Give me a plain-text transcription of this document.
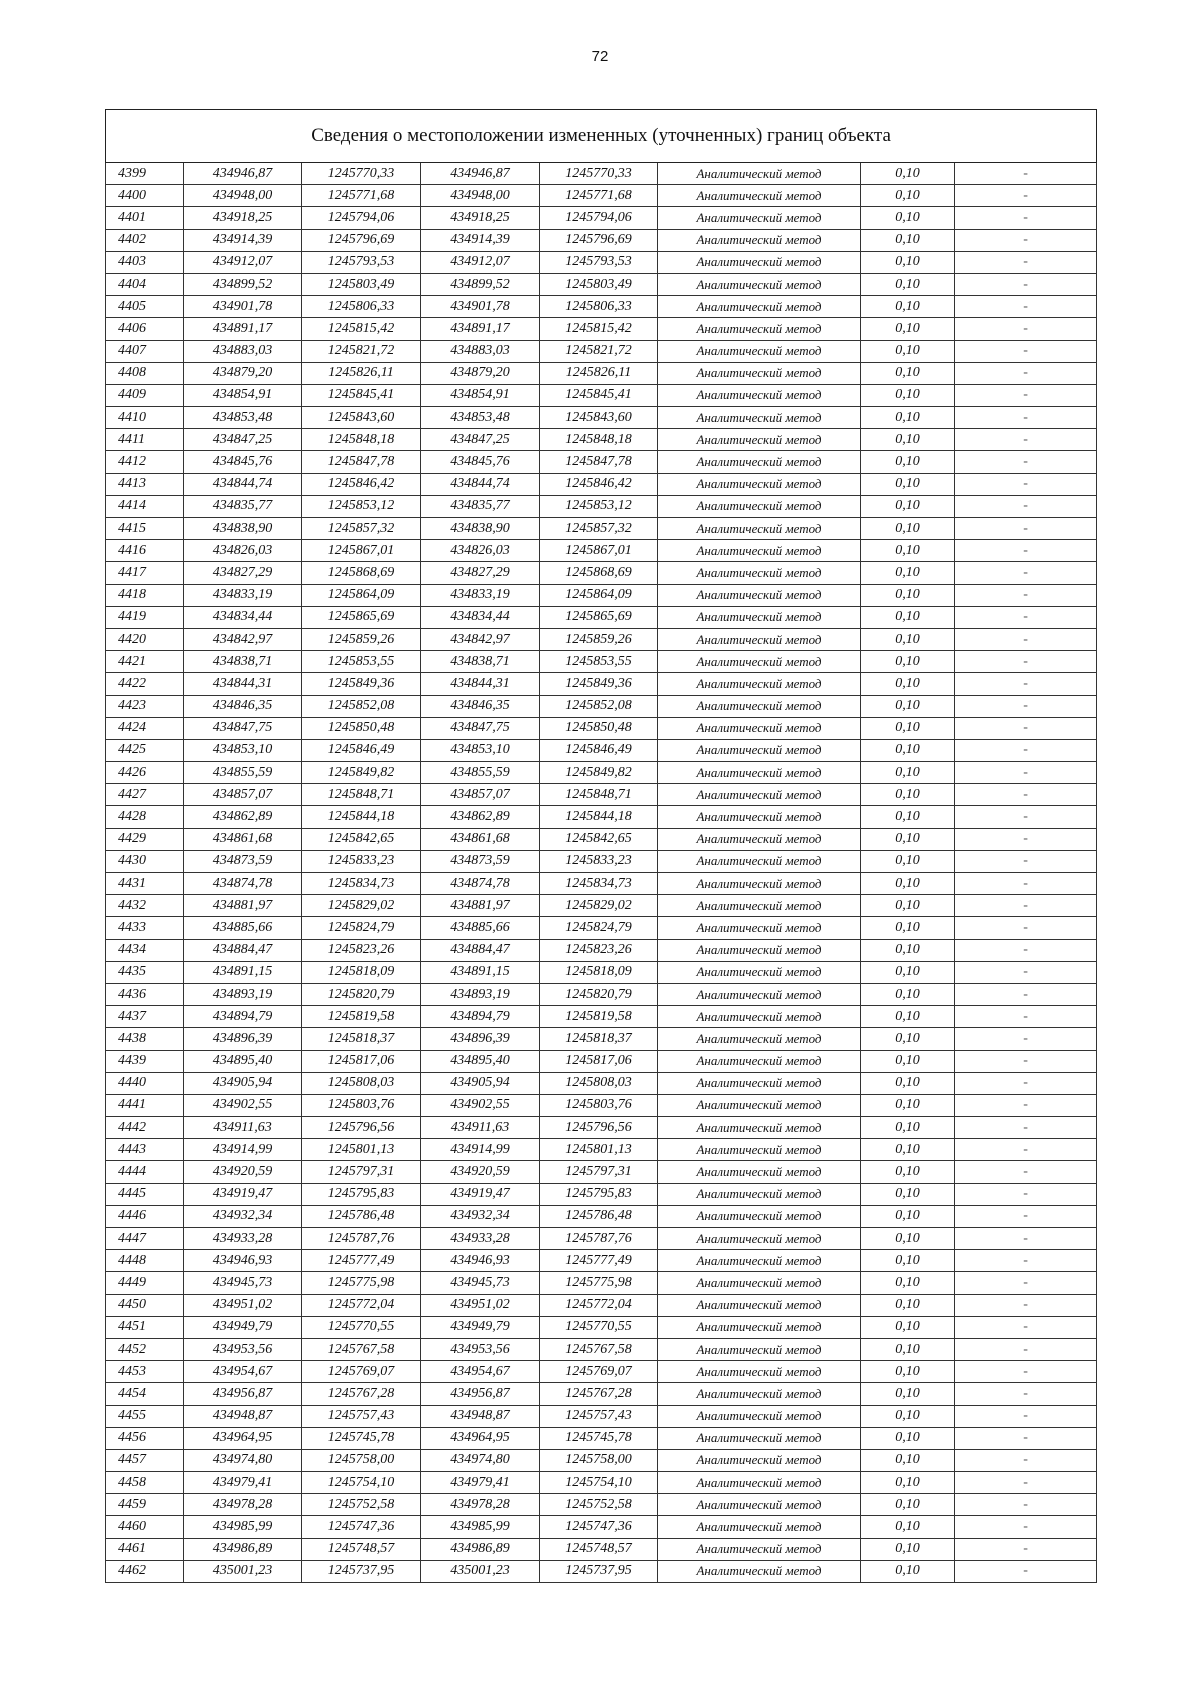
72
Сведения о местоположении измененных (уточненных) границ объекта							
4399	434946,87	1245770,33	434946,87	1245770,33	Аналитический метод	0,10	-
4400	434948,00	1245771,68	434948,00	1245771,68	Аналитический метод	0,10	-
4401	434918,25	1245794,06	434918,25	1245794,06	Аналитический метод	0,10	-
4402	434914,39	1245796,69	434914,39	1245796,69	Аналитический метод	0,10	-
4403	434912,07	1245793,53	434912,07	1245793,53	Аналитический метод	0,10	-
4404	434899,52	1245803,49	434899,52	1245803,49	Аналитический метод	0,10	-
4405	434901,78	1245806,33	434901,78	1245806,33	Аналитический метод	0,10	-
4406	434891,17	1245815,42	434891,17	1245815,42	Аналитический метод	0,10	-
4407	434883,03	1245821,72	434883,03	1245821,72	Аналитический метод	0,10	-
4408	434879,20	1245826,11	434879,20	1245826,11	Аналитический метод	0,10	-
4409	434854,91	1245845,41	434854,91	1245845,41	Аналитический метод	0,10	-
4410	434853,48	1245843,60	434853,48	1245843,60	Аналитический метод	0,10	-
4411	434847,25	1245848,18	434847,25	1245848,18	Аналитический метод	0,10	-
4412	434845,76	1245847,78	434845,76	1245847,78	Аналитический метод	0,10	-
4413	434844,74	1245846,42	434844,74	1245846,42	Аналитический метод	0,10	-
4414	434835,77	1245853,12	434835,77	1245853,12	Аналитический метод	0,10	-
4415	434838,90	1245857,32	434838,90	1245857,32	Аналитический метод	0,10	-
4416	434826,03	1245867,01	434826,03	1245867,01	Аналитический метод	0,10	-
4417	434827,29	1245868,69	434827,29	1245868,69	Аналитический метод	0,10	-
4418	434833,19	1245864,09	434833,19	1245864,09	Аналитический метод	0,10	-
4419	434834,44	1245865,69	434834,44	1245865,69	Аналитический метод	0,10	-
4420	434842,97	1245859,26	434842,97	1245859,26	Аналитический метод	0,10	-
4421	434838,71	1245853,55	434838,71	1245853,55	Аналитический метод	0,10	-
4422	434844,31	1245849,36	434844,31	1245849,36	Аналитический метод	0,10	-
4423	434846,35	1245852,08	434846,35	1245852,08	Аналитический метод	0,10	-
4424	434847,75	1245850,48	434847,75	1245850,48	Аналитический метод	0,10	-
4425	434853,10	1245846,49	434853,10	1245846,49	Аналитический метод	0,10	-
4426	434855,59	1245849,82	434855,59	1245849,82	Аналитический метод	0,10	-
4427	434857,07	1245848,71	434857,07	1245848,71	Аналитический метод	0,10	-
4428	434862,89	1245844,18	434862,89	1245844,18	Аналитический метод	0,10	-
4429	434861,68	1245842,65	434861,68	1245842,65	Аналитический метод	0,10	-
4430	434873,59	1245833,23	434873,59	1245833,23	Аналитический метод	0,10	-
4431	434874,78	1245834,73	434874,78	1245834,73	Аналитический метод	0,10	-
4432	434881,97	1245829,02	434881,97	1245829,02	Аналитический метод	0,10	-
4433	434885,66	1245824,79	434885,66	1245824,79	Аналитический метод	0,10	-
4434	434884,47	1245823,26	434884,47	1245823,26	Аналитический метод	0,10	-
4435	434891,15	1245818,09	434891,15	1245818,09	Аналитический метод	0,10	-
4436	434893,19	1245820,79	434893,19	1245820,79	Аналитический метод	0,10	-
4437	434894,79	1245819,58	434894,79	1245819,58	Аналитический метод	0,10	-
4438	434896,39	1245818,37	434896,39	1245818,37	Аналитический метод	0,10	-
4439	434895,40	1245817,06	434895,40	1245817,06	Аналитический метод	0,10	-
4440	434905,94	1245808,03	434905,94	1245808,03	Аналитический метод	0,10	-
4441	434902,55	1245803,76	434902,55	1245803,76	Аналитический метод	0,10	-
4442	434911,63	1245796,56	434911,63	1245796,56	Аналитический метод	0,10	-
4443	434914,99	1245801,13	434914,99	1245801,13	Аналитический метод	0,10	-
4444	434920,59	1245797,31	434920,59	1245797,31	Аналитический метод	0,10	-
4445	434919,47	1245795,83	434919,47	1245795,83	Аналитический метод	0,10	-
4446	434932,34	1245786,48	434932,34	1245786,48	Аналитический метод	0,10	-
4447	434933,28	1245787,76	434933,28	1245787,76	Аналитический метод	0,10	-
4448	434946,93	1245777,49	434946,93	1245777,49	Аналитический метод	0,10	-
4449	434945,73	1245775,98	434945,73	1245775,98	Аналитический метод	0,10	-
4450	434951,02	1245772,04	434951,02	1245772,04	Аналитический метод	0,10	-
4451	434949,79	1245770,55	434949,79	1245770,55	Аналитический метод	0,10	-
4452	434953,56	1245767,58	434953,56	1245767,58	Аналитический метод	0,10	-
4453	434954,67	1245769,07	434954,67	1245769,07	Аналитический метод	0,10	-
4454	434956,87	1245767,28	434956,87	1245767,28	Аналитический метод	0,10	-
4455	434948,87	1245757,43	434948,87	1245757,43	Аналитический метод	0,10	-
4456	434964,95	1245745,78	434964,95	1245745,78	Аналитический метод	0,10	-
4457	434974,80	1245758,00	434974,80	1245758,00	Аналитический метод	0,10	-
4458	434979,41	1245754,10	434979,41	1245754,10	Аналитический метод	0,10	-
4459	434978,28	1245752,58	434978,28	1245752,58	Аналитический метод	0,10	-
4460	434985,99	1245747,36	434985,99	1245747,36	Аналитический метод	0,10	-
4461	434986,89	1245748,57	434986,89	1245748,57	Аналитический метод	0,10	-
4462	435001,23	1245737,95	435001,23	1245737,95	Аналитический метод	0,10	-
